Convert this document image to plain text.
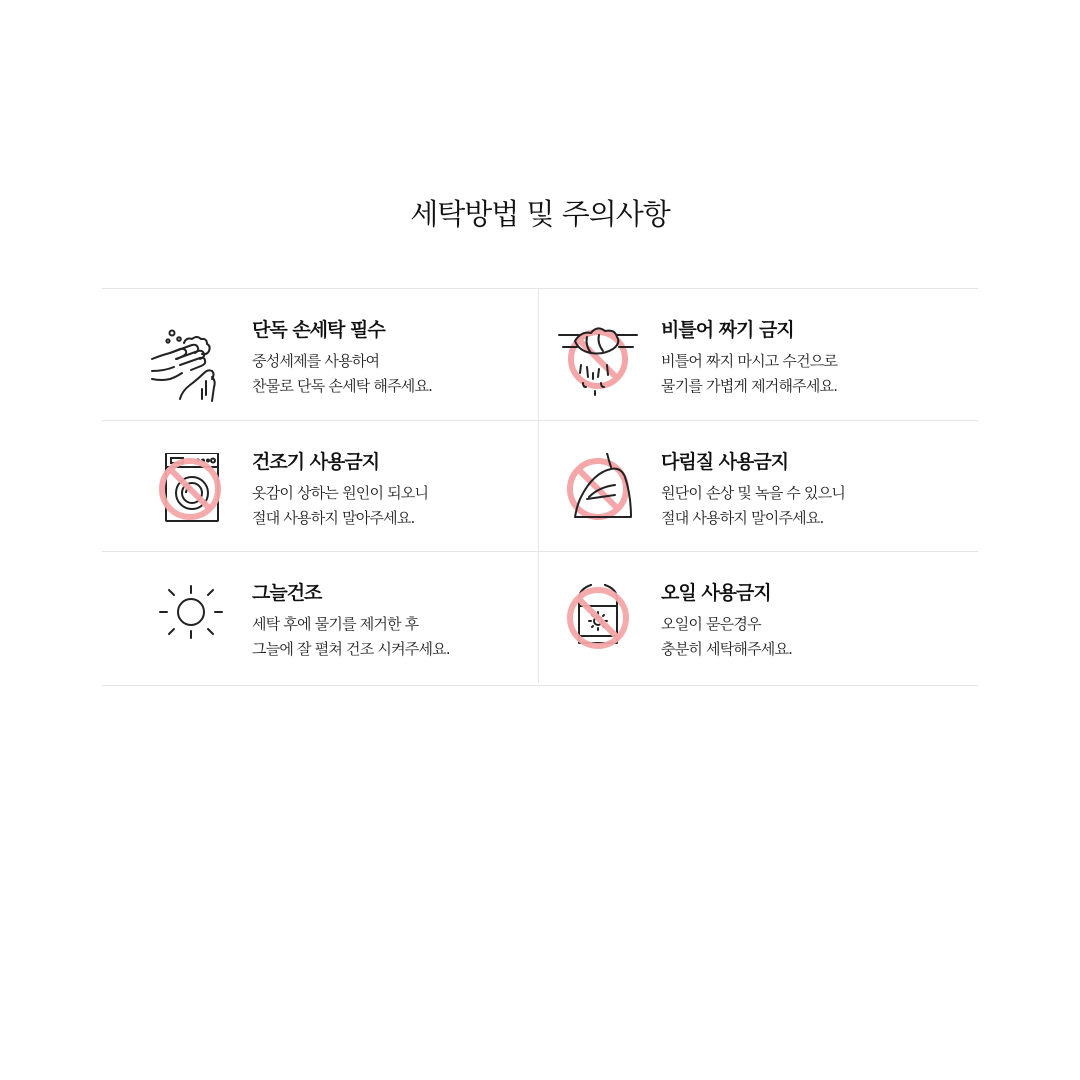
세탁방법 및 주의사항
단독 손세탁 필수
중성세제를 사용하여
찬물로 단독 손세탁 해주세요.
비틀어 짜기 금지
비틀어 짜지 마시고 수건으로
물기를 가볍게 제거해주세요.
건조기 사용금지
옷감이 상하는 원인이 되오니
절대 사용하지 말아주세요.
다림질 사용금지
원단이 손상 및 녹을 수 있으니
절대 사용하지 말이주세요.
그늘건조
세탁 후에 물기를 제거한 후
그늘에 잘 펼쳐 건조 시켜주세요.
오일 사용금지
오일이 묻은경우
충분히 세탁해주세요.
